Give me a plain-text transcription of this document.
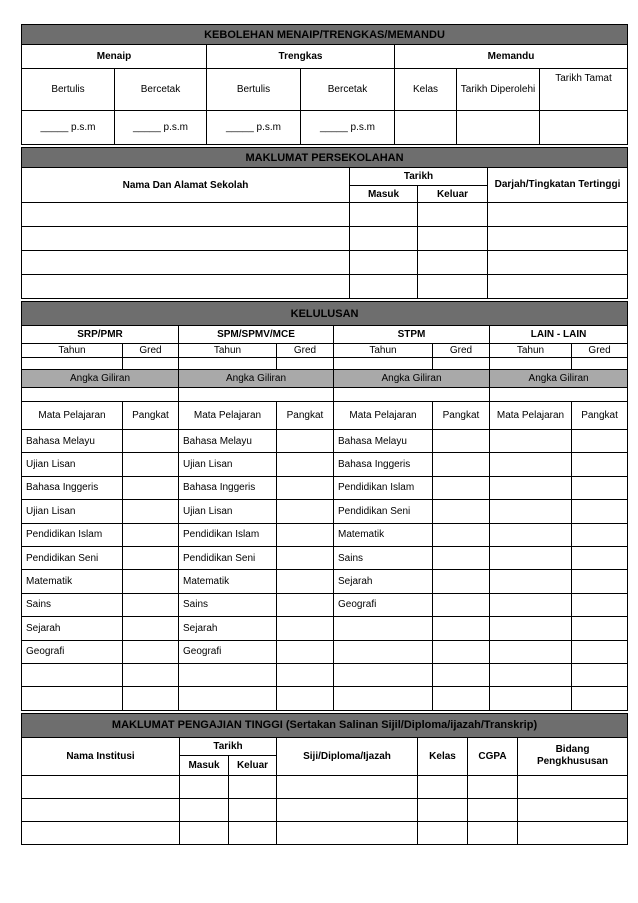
KEBOLEHAN MENAIP/TRENGKAS/MEMANDU						
Menaip		Trengkas		Memandu		
Bertulis	Bercetak	Bertulis	Bercetak	Kelas	Tarikh Diperolehi	Tarikh Tamat
_____ p.s.m	_____ p.s.m	_____ p.s.m	_____ p.s.m			
MAKLUMAT PERSEKOLAHAN			
Nama Dan Alamat Sekolah	Tarikh		Darjah/Tingkatan Tertinggi
	Masuk	Keluar	

KELULUSAN							
SRP/PMR		SPM/SPMV/MCE		STPM		LAIN - LAIN	
Tahun	Gred	Tahun	Gred	Tahun	Gred	Tahun	Gred

Angka Giliran		Angka Giliran		Angka Giliran		Angka Giliran	

Mata Pelajaran	Pangkat	Mata Pelajaran	Pangkat	Mata Pelajaran	Pangkat	Mata Pelajaran	Pangkat
Bahasa Melayu		Bahasa Melayu		Bahasa Melayu			
Ujian Lisan		Ujian Lisan		Bahasa Inggeris			
Bahasa Inggeris		Bahasa Inggeris		Pendidikan Islam			
Ujian Lisan		Ujian Lisan		Pendidikan Seni			
Pendidikan Islam		Pendidikan Islam		Matematik			
Pendidikan Seni		Pendidikan Seni		Sains			
Matematik		Matematik		Sejarah			
Sains		Sains		Geografi			
Sejarah		Sejarah					
Geografi		Geografi					

MAKLUMAT PENGAJIAN TINGGI (Sertakan Salinan Sijil/Diploma/ijazah/Transkrip)						
Nama Institusi	Tarikh		Siji/Diploma/Ijazah	Kelas	CGPA	Bidang Pengkhususan
	Masuk	Keluar				
